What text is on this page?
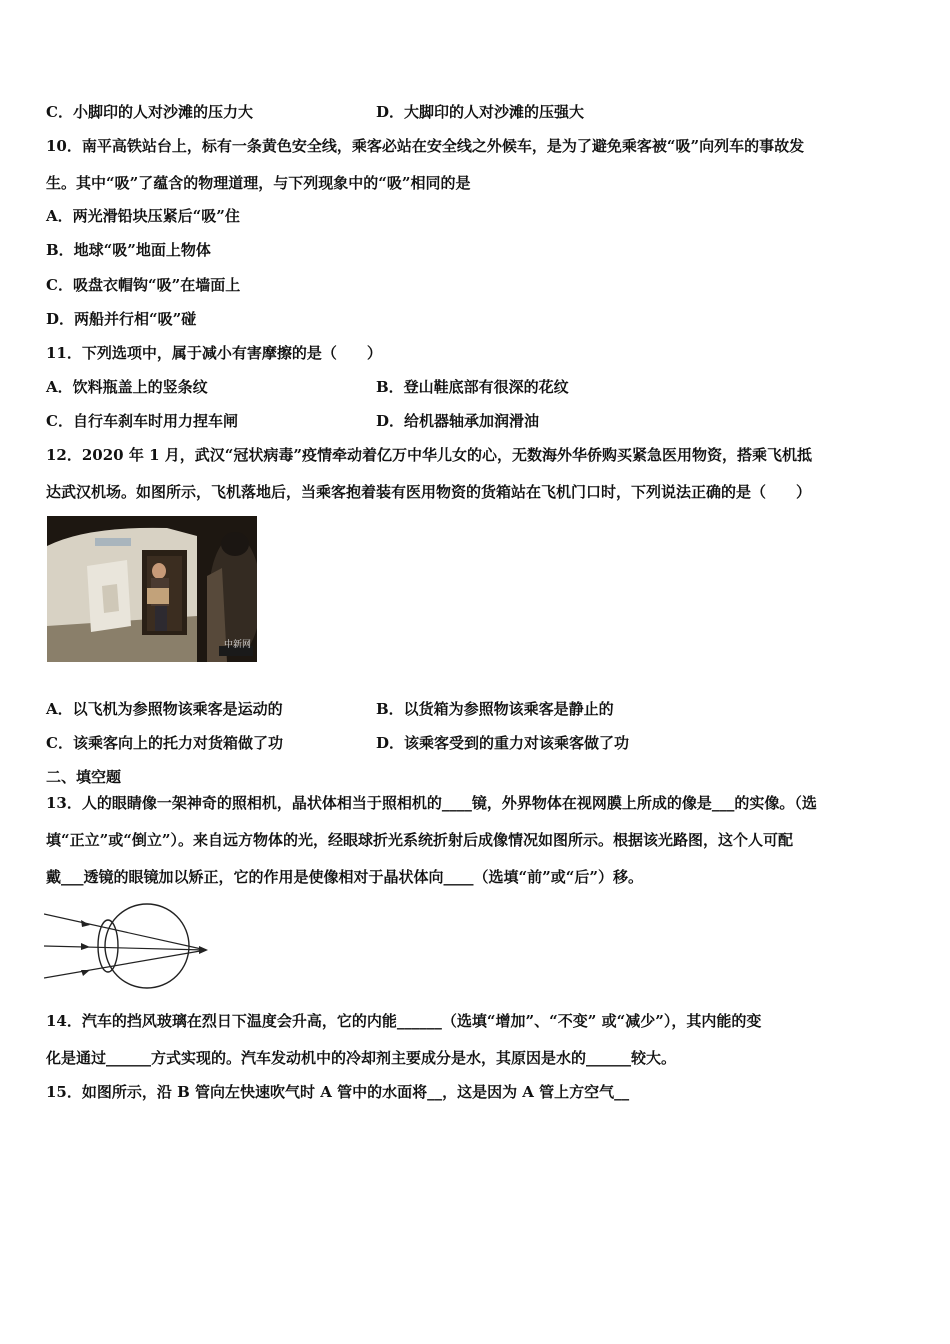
C．小脚印的人对沙滩的压力大	D．大脚印的人对沙滩的压强大
10．南平高铁站台上，标有一条黄色安全线，乘客必站在安全线之外候车，是为了避免乘客被“吸”向列车的事故发
生。其中“吸”了蕴含的物理道理，与下列现象中的“吸”相同的是
A．两光滑铅块压紧后“吸”住
B．地球“吸”地面上物体
C．吸盘衣帽钩“吸”在墙面上
D．两船并行相“吸”碰
11．下列选项中，属于减小有害摩擦的是（　　）
A．饮料瓶盖上的竖条纹	B．登山鞋底部有很深的花纹
C．自行车刹车时用力捏车闸	D．给机器轴承加润滑油
12．2020 年 1 月，武汉“冠状病毒”疫情牵动着亿万中华儿女的心，无数海外华侨购买紧急医用物资，搭乘飞机抵
达武汉机场。如图所示，飞机落地后，当乘客抱着装有医用物资的货箱站在飞机门口时，下列说法正确的是（　　）
中新网
A．以飞机为参照物该乘客是运动的	B．以货箱为参照物该乘客是静止的
C．该乘客向上的托力对货箱做了功	D．该乘客受到的重力对该乘客做了功
二、填空题
13．人的眼睛像一架神奇的照相机，晶状体相当于照相机的____镜，外界物体在视网膜上所成的像是___的实像。（选
填“正立”或“倒立”）。来自远方物体的光，经眼球折光系统折射后成像情况如图所示。根据该光路图，这个人可配
戴___透镜的眼镜加以矫正，它的作用是使像相对于晶状体向____（选填“前”或“后”）移。
14．汽车的挡风玻璃在烈日下温度会升高，它的内能______（选填“增加”、“不变” 或“减少”），其内能的变
化是通过______方式实现的。汽车发动机中的冷却剂主要成分是水，其原因是水的______较大。
15．如图所示，沿 B 管向左快速吹气时 A 管中的水面将__，这是因为 A 管上方空气__
